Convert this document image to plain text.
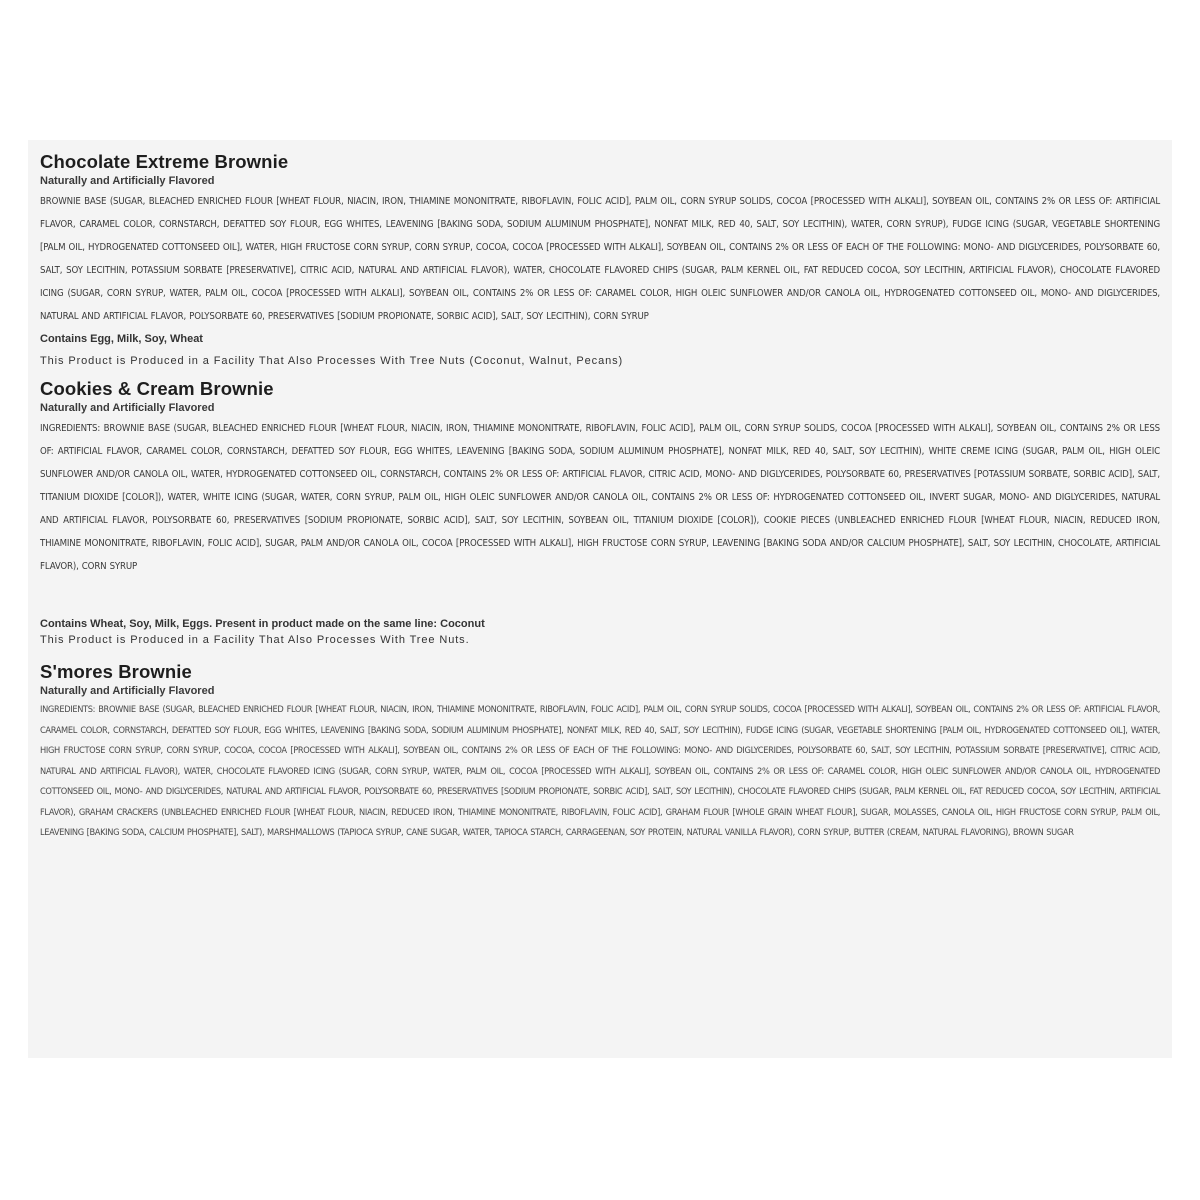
Chocolate Extreme Brownie

Naturally and Artificially Flavored

BROWNIE BASE (SUGAR, BLEACHED ENRICHED FLOUR [WHEAT FLOUR, NIACIN, IRON, THIAMINE MONONITRATE, RIBOFLAVIN, FOLIC ACID], PALM OIL, CORN SYRUP SOLIDS, COCOA [PROCESSED WITH ALKALI], SOYBEAN OIL, CONTAINS 2% OR LESS OF: ARTIFICIAL FLAVOR, CARAMEL COLOR, CORNSTARCH, DEFATTED SOY FLOUR, EGG WHITES, LEAVENING [BAKING SODA, SODIUM ALUMINUM PHOSPHATE], NONFAT MILK, RED 40, SALT, SOY LECITHIN), WATER, CORN SYRUP), FUDGE ICING (SUGAR, VEGETABLE SHORTENING [PALM OIL, HYDROGENATED COTTONSEED OIL], WATER, HIGH FRUCTOSE CORN SYRUP, CORN SYRUP, COCOA, COCOA [PROCESSED WITH ALKALI], SOYBEAN OIL, CONTAINS 2% OR LESS OF EACH OF THE FOLLOWING: MONO- AND DIGLYCERIDES, POLYSORBATE 60, SALT, SOY LECITHIN, POTASSIUM SORBATE [PRESERVATIVE], CITRIC ACID, NATURAL AND ARTIFICIAL FLAVOR), WATER, CHOCOLATE FLAVORED CHIPS (SUGAR, PALM KERNEL OIL, FAT REDUCED COCOA, SOY LECITHIN, ARTIFICIAL FLAVOR), CHOCOLATE FLAVORED ICING (SUGAR, CORN SYRUP, WATER, PALM OIL, COCOA [PROCESSED WITH ALKALI], SOYBEAN OIL, CONTAINS 2% OR LESS OF: CARAMEL COLOR, HIGH OLEIC SUNFLOWER AND/OR CANOLA OIL, HYDROGENATED COTTONSEED OIL, MONO- AND DIGLYCERIDES, NATURAL AND ARTIFICIAL FLAVOR, POLYSORBATE 60, PRESERVATIVES [SODIUM PROPIONATE, SORBIC ACID], SALT, SOY LECITHIN), CORN SYRUP

Contains Egg, Milk, Soy, Wheat

This Product is Produced in a Facility That Also Processes With Tree Nuts (Coconut, Walnut, Pecans)

Cookies & Cream Brownie

Naturally and Artificially Flavored

INGREDIENTS: BROWNIE BASE (SUGAR, BLEACHED ENRICHED FLOUR [WHEAT FLOUR, NIACIN, IRON, THIAMINE MONONITRATE, RIBOFLAVIN, FOLIC ACID], PALM OIL, CORN SYRUP SOLIDS, COCOA [PROCESSED WITH ALKALI], SOYBEAN OIL, CONTAINS 2% OR LESS OF: ARTIFICIAL FLAVOR, CARAMEL COLOR, CORNSTARCH, DEFATTED SOY FLOUR, EGG WHITES, LEAVENING [BAKING SODA, SODIUM ALUMINUM PHOSPHATE], NONFAT MILK, RED 40, SALT, SOY LECITHIN), WHITE CREME ICING (SUGAR, PALM OIL, HIGH OLEIC SUNFLOWER AND/OR CANOLA OIL, WATER, HYDROGENATED COTTONSEED OIL, CORNSTARCH, CONTAINS 2% OR LESS OF: ARTIFICIAL FLAVOR, CITRIC ACID, MONO- AND DIGLYCERIDES, POLYSORBATE 60, PRESERVATIVES [POTASSIUM SORBATE, SORBIC ACID], SALT, TITANIUM DIOXIDE [COLOR]), WATER, WHITE ICING (SUGAR, WATER, CORN SYRUP, PALM OIL, HIGH OLEIC SUNFLOWER AND/OR CANOLA OIL, CONTAINS 2% OR LESS OF: HYDROGENATED COTTONSEED OIL, INVERT SUGAR, MONO- AND DIGLYCERIDES, NATURAL AND ARTIFICIAL FLAVOR, POLYSORBATE 60, PRESERVATIVES [SODIUM PROPIONATE, SORBIC ACID], SALT, SOY LECITHIN, SOYBEAN OIL, TITANIUM DIOXIDE [COLOR]), COOKIE PIECES (UNBLEACHED ENRICHED FLOUR [WHEAT FLOUR, NIACIN, REDUCED IRON, THIAMINE MONONITRATE, RIBOFLAVIN, FOLIC ACID], SUGAR, PALM AND/OR CANOLA OIL, COCOA [PROCESSED WITH ALKALI], HIGH FRUCTOSE CORN SYRUP, LEAVENING [BAKING SODA AND/OR CALCIUM PHOSPHATE], SALT, SOY LECITHIN, CHOCOLATE, ARTIFICIAL FLAVOR), CORN SYRUP

Contains Wheat, Soy, Milk, Eggs. Present in product made on the same line: Coconut

This Product is Produced in a Facility That Also Processes With Tree Nuts.

S'mores Brownie

Naturally and Artificially Flavored

INGREDIENTS: BROWNIE BASE (SUGAR, BLEACHED ENRICHED FLOUR [WHEAT FLOUR, NIACIN, IRON, THIAMINE MONONITRATE, RIBOFLAVIN, FOLIC ACID], PALM OIL, CORN SYRUP SOLIDS, COCOA [PROCESSED WITH ALKALI], SOYBEAN OIL, CONTAINS 2% OR LESS OF: ARTIFICIAL FLAVOR, CARAMEL COLOR, CORNSTARCH, DEFATTED SOY FLOUR, EGG WHITES, LEAVENING [BAKING SODA, SODIUM ALUMINUM PHOSPHATE], NONFAT MILK, RED 40, SALT, SOY LECITHIN), FUDGE ICING (SUGAR, VEGETABLE SHORTENING [PALM OIL, HYDROGENATED COTTONSEED OIL], WATER, HIGH FRUCTOSE CORN SYRUP, CORN SYRUP, COCOA, COCOA [PROCESSED WITH ALKALI], SOYBEAN OIL, CONTAINS 2% OR LESS OF EACH OF THE FOLLOWING: MONO- AND DIGLYCERIDES, POLYSORBATE 60, SALT, SOY LECITHIN, POTASSIUM SORBATE [PRESERVATIVE], CITRIC ACID, NATURAL AND ARTIFICIAL FLAVOR), WATER, CHOCOLATE FLAVORED ICING (SUGAR, CORN SYRUP, WATER, PALM OIL, COCOA [PROCESSED WITH ALKALI], SOYBEAN OIL, CONTAINS 2% OR LESS OF: CARAMEL COLOR, HIGH OLEIC SUNFLOWER AND/OR CANOLA OIL, HYDROGENATED COTTONSEED OIL, MONO- AND DIGLYCERIDES, NATURAL AND ARTIFICIAL FLAVOR, POLYSORBATE 60, PRESERVATIVES [SODIUM PROPIONATE, SORBIC ACID], SALT, SOY LECITHIN), CHOCOLATE FLAVORED CHIPS (SUGAR, PALM KERNEL OIL, FAT REDUCED COCOA, SOY LECITHIN, ARTIFICIAL FLAVOR), GRAHAM CRACKERS (UNBLEACHED ENRICHED FLOUR [WHEAT FLOUR, NIACIN, REDUCED IRON, THIAMINE MONONITRATE, RIBOFLAVIN, FOLIC ACID], GRAHAM FLOUR [WHOLE GRAIN WHEAT FLOUR], SUGAR, MOLASSES, CANOLA OIL, HIGH FRUCTOSE CORN SYRUP, PALM OIL, LEAVENING [BAKING SODA, CALCIUM PHOSPHATE], SALT), MARSHMALLOWS (TAPIOCA SYRUP, CANE SUGAR, WATER, TAPIOCA STARCH, CARRAGEENAN, SOY PROTEIN, NATURAL VANILLA FLAVOR), CORN SYRUP, BUTTER (CREAM, NATURAL FLAVORING), BROWN SUGAR
